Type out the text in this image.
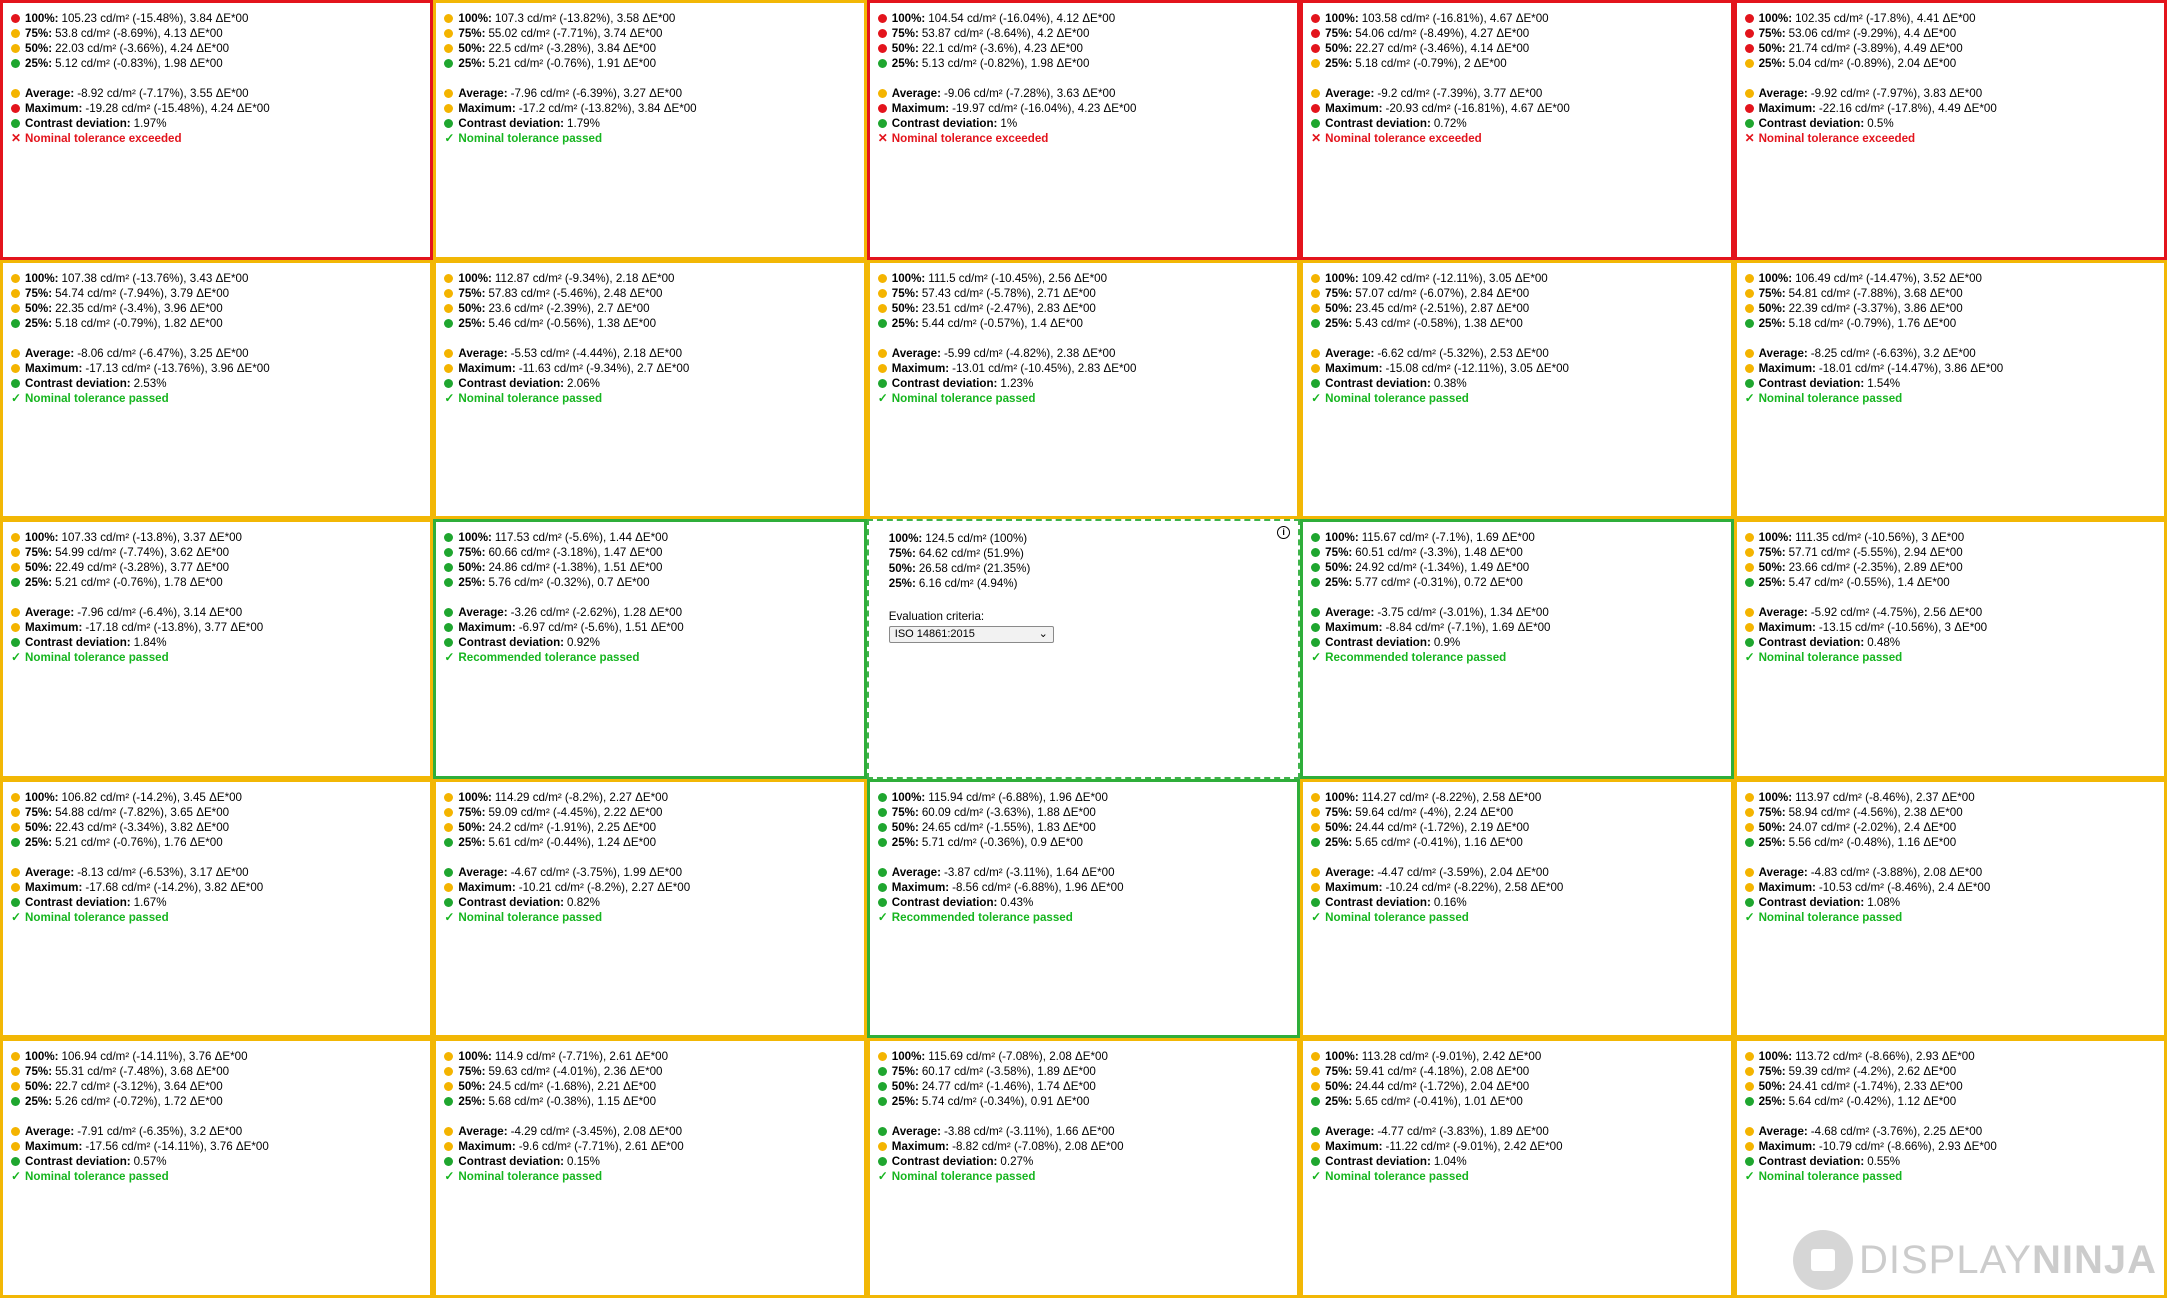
100%: 105.23 cd/m² (-15.48%), 3.84 ΔE*00
75%: 53.8 cd/m² (-8.69%), 4.13 ΔE*00
50%: 22.03 cd/m² (-3.66%), 4.24 ΔE*00
25%: 5.12 cd/m² (-0.83%), 1.98 ΔE*00
Average: -8.92 cd/m² (-7.17%), 3.55 ΔE*00
Maximum: -19.28 cd/m² (-15.48%), 4.24 ΔE*00
Contrast deviation: 1.97%
✕ Nominal tolerance exceeded
100%: 107.3 cd/m² (-13.82%), 3.58 ΔE*00
75%: 55.02 cd/m² (-7.71%), 3.74 ΔE*00
50%: 22.5 cd/m² (-3.28%), 3.84 ΔE*00
25%: 5.21 cd/m² (-0.76%), 1.91 ΔE*00
Average: -7.96 cd/m² (-6.39%), 3.27 ΔE*00
Maximum: -17.2 cd/m² (-13.82%), 3.84 ΔE*00
Contrast deviation: 1.79%
✓ Nominal tolerance passed
100%: 104.54 cd/m² (-16.04%), 4.12 ΔE*00
75%: 53.87 cd/m² (-8.64%), 4.2 ΔE*00
50%: 22.1 cd/m² (-3.6%), 4.23 ΔE*00
25%: 5.13 cd/m² (-0.82%), 1.98 ΔE*00
Average: -9.06 cd/m² (-7.28%), 3.63 ΔE*00
Maximum: -19.97 cd/m² (-16.04%), 4.23 ΔE*00
Contrast deviation: 1%
✕ Nominal tolerance exceeded
100%: 103.58 cd/m² (-16.81%), 4.67 ΔE*00
75%: 54.06 cd/m² (-8.49%), 4.27 ΔE*00
50%: 22.27 cd/m² (-3.46%), 4.14 ΔE*00
25%: 5.18 cd/m² (-0.79%), 2 ΔE*00
Average: -9.2 cd/m² (-7.39%), 3.77 ΔE*00
Maximum: -20.93 cd/m² (-16.81%), 4.67 ΔE*00
Contrast deviation: 0.72%
✕ Nominal tolerance exceeded
100%: 102.35 cd/m² (-17.8%), 4.41 ΔE*00
75%: 53.06 cd/m² (-9.29%), 4.4 ΔE*00
50%: 21.74 cd/m² (-3.89%), 4.49 ΔE*00
25%: 5.04 cd/m² (-0.89%), 2.04 ΔE*00
Average: -9.92 cd/m² (-7.97%), 3.83 ΔE*00
Maximum: -22.16 cd/m² (-17.8%), 4.49 ΔE*00
Contrast deviation: 0.5%
✕ Nominal tolerance exceeded
100%: 107.38 cd/m² (-13.76%), 3.43 ΔE*00
75%: 54.74 cd/m² (-7.94%), 3.79 ΔE*00
50%: 22.35 cd/m² (-3.4%), 3.96 ΔE*00
25%: 5.18 cd/m² (-0.79%), 1.82 ΔE*00
Average: -8.06 cd/m² (-6.47%), 3.25 ΔE*00
Maximum: -17.13 cd/m² (-13.76%), 3.96 ΔE*00
Contrast deviation: 2.53%
✓ Nominal tolerance passed
100%: 112.87 cd/m² (-9.34%), 2.18 ΔE*00
75%: 57.83 cd/m² (-5.46%), 2.48 ΔE*00
50%: 23.6 cd/m² (-2.39%), 2.7 ΔE*00
25%: 5.46 cd/m² (-0.56%), 1.38 ΔE*00
Average: -5.53 cd/m² (-4.44%), 2.18 ΔE*00
Maximum: -11.63 cd/m² (-9.34%), 2.7 ΔE*00
Contrast deviation: 2.06%
✓ Nominal tolerance passed
100%: 111.5 cd/m² (-10.45%), 2.56 ΔE*00
75%: 57.43 cd/m² (-5.78%), 2.71 ΔE*00
50%: 23.51 cd/m² (-2.47%), 2.83 ΔE*00
25%: 5.44 cd/m² (-0.57%), 1.4 ΔE*00
Average: -5.99 cd/m² (-4.82%), 2.38 ΔE*00
Maximum: -13.01 cd/m² (-10.45%), 2.83 ΔE*00
Contrast deviation: 1.23%
✓ Nominal tolerance passed
100%: 109.42 cd/m² (-12.11%), 3.05 ΔE*00
75%: 57.07 cd/m² (-6.07%), 2.84 ΔE*00
50%: 23.45 cd/m² (-2.51%), 2.87 ΔE*00
25%: 5.43 cd/m² (-0.58%), 1.38 ΔE*00
Average: -6.62 cd/m² (-5.32%), 2.53 ΔE*00
Maximum: -15.08 cd/m² (-12.11%), 3.05 ΔE*00
Contrast deviation: 0.38%
✓ Nominal tolerance passed
100%: 106.49 cd/m² (-14.47%), 3.52 ΔE*00
75%: 54.81 cd/m² (-7.88%), 3.68 ΔE*00
50%: 22.39 cd/m² (-3.37%), 3.86 ΔE*00
25%: 5.18 cd/m² (-0.79%), 1.76 ΔE*00
Average: -8.25 cd/m² (-6.63%), 3.2 ΔE*00
Maximum: -18.01 cd/m² (-14.47%), 3.86 ΔE*00
Contrast deviation: 1.54%
✓ Nominal tolerance passed
100%: 107.33 cd/m² (-13.8%), 3.37 ΔE*00
75%: 54.99 cd/m² (-7.74%), 3.62 ΔE*00
50%: 22.49 cd/m² (-3.28%), 3.77 ΔE*00
25%: 5.21 cd/m² (-0.76%), 1.78 ΔE*00
Average: -7.96 cd/m² (-6.4%), 3.14 ΔE*00
Maximum: -17.18 cd/m² (-13.8%), 3.77 ΔE*00
Contrast deviation: 1.84%
✓ Nominal tolerance passed
100%: 117.53 cd/m² (-5.6%), 1.44 ΔE*00
75%: 60.66 cd/m² (-3.18%), 1.47 ΔE*00
50%: 24.86 cd/m² (-1.38%), 1.51 ΔE*00
25%: 5.76 cd/m² (-0.32%), 0.7 ΔE*00
Average: -3.26 cd/m² (-2.62%), 1.28 ΔE*00
Maximum: -6.97 cd/m² (-5.6%), 1.51 ΔE*00
Contrast deviation: 0.92%
✓ Recommended tolerance passed
100%: 124.5 cd/m² (100%)
75%: 64.62 cd/m² (51.9%)
50%: 26.58 cd/m² (21.35%)
25%: 6.16 cd/m² (4.94%)
Evaluation criteria:
ISO 14861:2015	⌄
i	100%: 115.67 cd/m² (-7.1%), 1.69 ΔE*00
75%: 60.51 cd/m² (-3.3%), 1.48 ΔE*00
50%: 24.92 cd/m² (-1.34%), 1.49 ΔE*00
25%: 5.77 cd/m² (-0.31%), 0.72 ΔE*00
Average: -3.75 cd/m² (-3.01%), 1.34 ΔE*00
Maximum: -8.84 cd/m² (-7.1%), 1.69 ΔE*00
Contrast deviation: 0.9%
✓ Recommended tolerance passed
100%: 111.35 cd/m² (-10.56%), 3 ΔE*00
75%: 57.71 cd/m² (-5.55%), 2.94 ΔE*00
50%: 23.66 cd/m² (-2.35%), 2.89 ΔE*00
25%: 5.47 cd/m² (-0.55%), 1.4 ΔE*00
Average: -5.92 cd/m² (-4.75%), 2.56 ΔE*00
Maximum: -13.15 cd/m² (-10.56%), 3 ΔE*00
Contrast deviation: 0.48%
✓ Nominal tolerance passed
100%: 106.82 cd/m² (-14.2%), 3.45 ΔE*00
75%: 54.88 cd/m² (-7.82%), 3.65 ΔE*00
50%: 22.43 cd/m² (-3.34%), 3.82 ΔE*00
25%: 5.21 cd/m² (-0.76%), 1.76 ΔE*00
Average: -8.13 cd/m² (-6.53%), 3.17 ΔE*00
Maximum: -17.68 cd/m² (-14.2%), 3.82 ΔE*00
Contrast deviation: 1.67%
✓ Nominal tolerance passed
100%: 114.29 cd/m² (-8.2%), 2.27 ΔE*00
75%: 59.09 cd/m² (-4.45%), 2.22 ΔE*00
50%: 24.2 cd/m² (-1.91%), 2.25 ΔE*00
25%: 5.61 cd/m² (-0.44%), 1.24 ΔE*00
Average: -4.67 cd/m² (-3.75%), 1.99 ΔE*00
Maximum: -10.21 cd/m² (-8.2%), 2.27 ΔE*00
Contrast deviation: 0.82%
✓ Nominal tolerance passed
100%: 115.94 cd/m² (-6.88%), 1.96 ΔE*00
75%: 60.09 cd/m² (-3.63%), 1.88 ΔE*00
50%: 24.65 cd/m² (-1.55%), 1.83 ΔE*00
25%: 5.71 cd/m² (-0.36%), 0.9 ΔE*00
Average: -3.87 cd/m² (-3.11%), 1.64 ΔE*00
Maximum: -8.56 cd/m² (-6.88%), 1.96 ΔE*00
Contrast deviation: 0.43%
✓ Recommended tolerance passed
100%: 114.27 cd/m² (-8.22%), 2.58 ΔE*00
75%: 59.64 cd/m² (-4%), 2.24 ΔE*00
50%: 24.44 cd/m² (-1.72%), 2.19 ΔE*00
25%: 5.65 cd/m² (-0.41%), 1.16 ΔE*00
Average: -4.47 cd/m² (-3.59%), 2.04 ΔE*00
Maximum: -10.24 cd/m² (-8.22%), 2.58 ΔE*00
Contrast deviation: 0.16%
✓ Nominal tolerance passed
100%: 113.97 cd/m² (-8.46%), 2.37 ΔE*00
75%: 58.94 cd/m² (-4.56%), 2.38 ΔE*00
50%: 24.07 cd/m² (-2.02%), 2.4 ΔE*00
25%: 5.56 cd/m² (-0.48%), 1.16 ΔE*00
Average: -4.83 cd/m² (-3.88%), 2.08 ΔE*00
Maximum: -10.53 cd/m² (-8.46%), 2.4 ΔE*00
Contrast deviation: 1.08%
✓ Nominal tolerance passed
100%: 106.94 cd/m² (-14.11%), 3.76 ΔE*00
75%: 55.31 cd/m² (-7.48%), 3.68 ΔE*00
50%: 22.7 cd/m² (-3.12%), 3.64 ΔE*00
25%: 5.26 cd/m² (-0.72%), 1.72 ΔE*00
Average: -7.91 cd/m² (-6.35%), 3.2 ΔE*00
Maximum: -17.56 cd/m² (-14.11%), 3.76 ΔE*00
Contrast deviation: 0.57%
✓ Nominal tolerance passed
100%: 114.9 cd/m² (-7.71%), 2.61 ΔE*00
75%: 59.63 cd/m² (-4.01%), 2.36 ΔE*00
50%: 24.5 cd/m² (-1.68%), 2.21 ΔE*00
25%: 5.68 cd/m² (-0.38%), 1.15 ΔE*00
Average: -4.29 cd/m² (-3.45%), 2.08 ΔE*00
Maximum: -9.6 cd/m² (-7.71%), 2.61 ΔE*00
Contrast deviation: 0.15%
✓ Nominal tolerance passed
100%: 115.69 cd/m² (-7.08%), 2.08 ΔE*00
75%: 60.17 cd/m² (-3.58%), 1.89 ΔE*00
50%: 24.77 cd/m² (-1.46%), 1.74 ΔE*00
25%: 5.74 cd/m² (-0.34%), 0.91 ΔE*00
Average: -3.88 cd/m² (-3.11%), 1.66 ΔE*00
Maximum: -8.82 cd/m² (-7.08%), 2.08 ΔE*00
Contrast deviation: 0.27%
✓ Nominal tolerance passed
100%: 113.28 cd/m² (-9.01%), 2.42 ΔE*00
75%: 59.41 cd/m² (-4.18%), 2.08 ΔE*00
50%: 24.44 cd/m² (-1.72%), 2.04 ΔE*00
25%: 5.65 cd/m² (-0.41%), 1.01 ΔE*00
Average: -4.77 cd/m² (-3.83%), 1.89 ΔE*00
Maximum: -11.22 cd/m² (-9.01%), 2.42 ΔE*00
Contrast deviation: 1.04%
✓ Nominal tolerance passed
100%: 113.72 cd/m² (-8.66%), 2.93 ΔE*00
75%: 59.39 cd/m² (-4.2%), 2.62 ΔE*00
50%: 24.41 cd/m² (-1.74%), 2.33 ΔE*00
25%: 5.64 cd/m² (-0.42%), 1.12 ΔE*00
Average: -4.68 cd/m² (-3.76%), 2.25 ΔE*00
Maximum: -10.79 cd/m² (-8.66%), 2.93 ΔE*00
Contrast deviation: 0.55%
✓ Nominal tolerance passed
DISPLAYNINJA
